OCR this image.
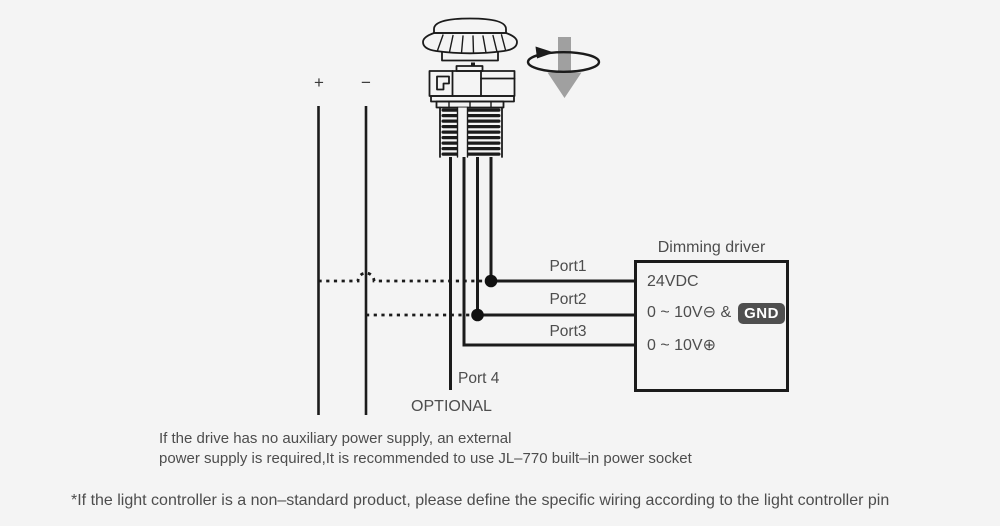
+	−
Port1
Port2
Port3
Port 4
OPTIONAL
Dimming driver
24VDC
0 ~ 10V⊖ & GND
0 ~ 10V⊕
If the drive has no auxiliary power supply, an external
power supply is required,It is recommended to use JL–770 built–in power socket
*If the light controller is a non–standard product, please define the specific wiring according to the light controller pin
